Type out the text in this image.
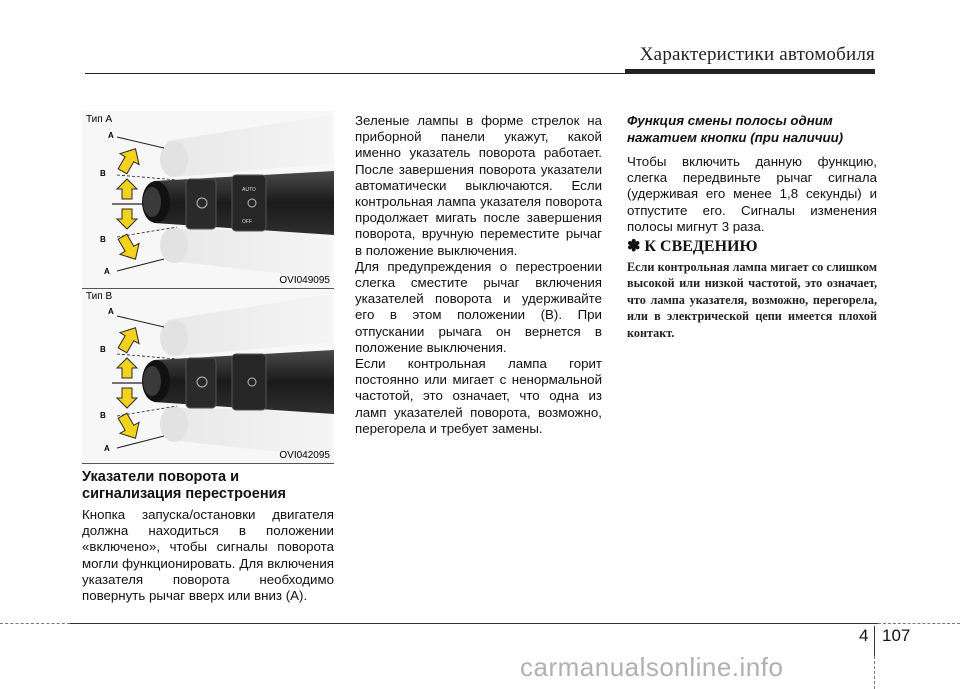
Характеристики автомобиля
AUTO
OFF
A
B
B
A
Тип A
OVI049095
A
B
B
A
Тип B
OVI042095
Указатели поворота и сигнализация перестроения

Кнопка запуска/остановки двигателя должна находиться в положении «включено», чтобы сигналы поворота могли функционировать. Для включения указателя поворота необходимо повернуть рычаг вверх или вниз (A).

Зеленые лампы в форме стрелок на приборной панели укажут, какой именно указатель поворота работает. После завершения поворота указатели автоматически выключаются. Если контрольная лампа указателя поворота продолжает мигать после завершения поворота, вручную переместите рычаг в положение выключения.

Для предупреждения о перестроении слегка сместите рычаг включения указателей поворота и удерживайте его в этом положении (B). При отпускании рычага он вернется в положение выключения.

Если контрольная лампа горит постоянно или мигает с ненормальной частотой, это означает, что одна из ламп указателей поворота, возможно, перегорела и требует замены.

Функция смены полосы одним нажатием кнопки (при наличии)

Чтобы включить данную функцию, слегка передвиньте рычаг сигнала (удерживая его менее 1,8 секунды) и отпустите его. Сигналы изменения полосы мигнут 3 раза.

✽ К СВЕДЕНИЮ
Если контрольная лампа мигает со слишком высокой или низкой частотой, это означает, что лампа указателя, возможно, перегорела, или в электрической цепи имеется плохой контакт.
4 107
carmanualsonline.info
